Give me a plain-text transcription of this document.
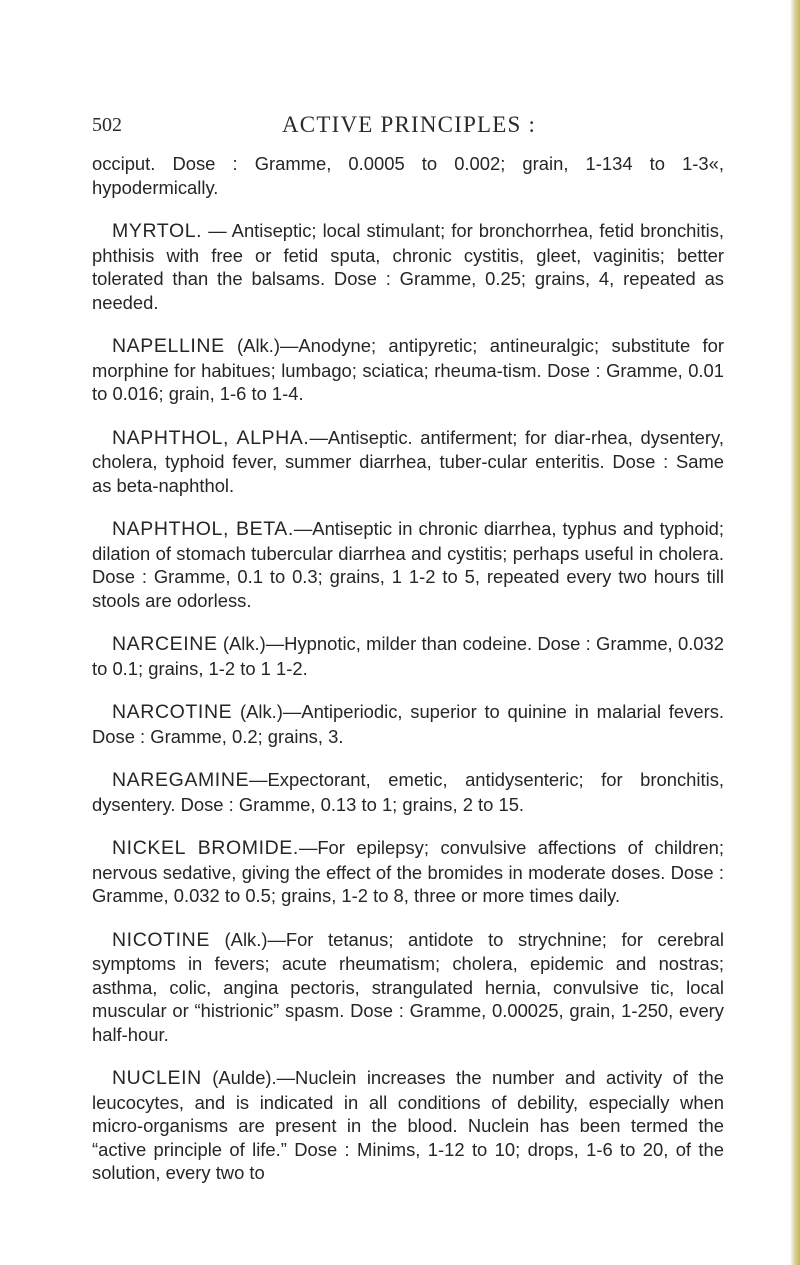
502	ACTIVE PRINCIPLES :

occiput. Dose : Gramme, 0.0005 to 0.002; grain, 1-134 to 1-3«, hypodermically.

MYRTOL. — Antiseptic; local stimulant; for bronchorrhea, fetid bronchitis, phthisis with free or fetid sputa, chronic cystitis, gleet, vaginitis; better tolerated than the balsams. Dose : Gramme, 0.25; grains, 4, repeated as needed.

NAPELLINE (Alk.)—Anodyne; antipyretic; antineuralgic; substitute for morphine for habitues; lumbago; sciatica; rheuma-tism. Dose : Gramme, 0.01 to 0.016; grain, 1-6 to 1-4.

NAPHTHOL, ALPHA.—Antiseptic. antiferment; for diar-rhea, dysentery, cholera, typhoid fever, summer diarrhea, tuber-cular enteritis. Dose : Same as beta-naphthol.

NAPHTHOL, BETA.—Antiseptic in chronic diarrhea, typhus and typhoid; dilation of stomach tubercular diarrhea and cystitis; perhaps useful in cholera. Dose : Gramme, 0.1 to 0.3; grains, 1 1-2 to 5, repeated every two hours till stools are odorless.

NARCEINE (Alk.)—Hypnotic, milder than codeine. Dose : Gramme, 0.032 to 0.1; grains, 1-2 to 1 1-2.

NARCOTINE (Alk.)—Antiperiodic, superior to quinine in malarial fevers. Dose : Gramme, 0.2; grains, 3.

NAREGAMINE—Expectorant, emetic, antidysenteric; for bronchitis, dysentery. Dose : Gramme, 0.13 to 1; grains, 2 to 15.

NICKEL BROMIDE.—For epilepsy; convulsive affections of children; nervous sedative, giving the effect of the bromides in moderate doses. Dose : Gramme, 0.032 to 0.5; grains, 1-2 to 8, three or more times daily.

NICOTINE (Alk.)—For tetanus; antidote to strychnine; for cerebral symptoms in fevers; acute rheumatism; cholera, epidemic and nostras; asthma, colic, angina pectoris, strangulated hernia, convulsive tic, local muscular or “histrionic” spasm. Dose : Gramme, 0.00025, grain, 1-250, every half-hour.

NUCLEIN (Aulde).—Nuclein increases the number and activity of the leucocytes, and is indicated in all conditions of debility, especially when micro-organisms are present in the blood. Nuclein has been termed the “active principle of life.” Dose : Minims, 1-12 to 10; drops, 1-6 to 20, of the solution, every two to
